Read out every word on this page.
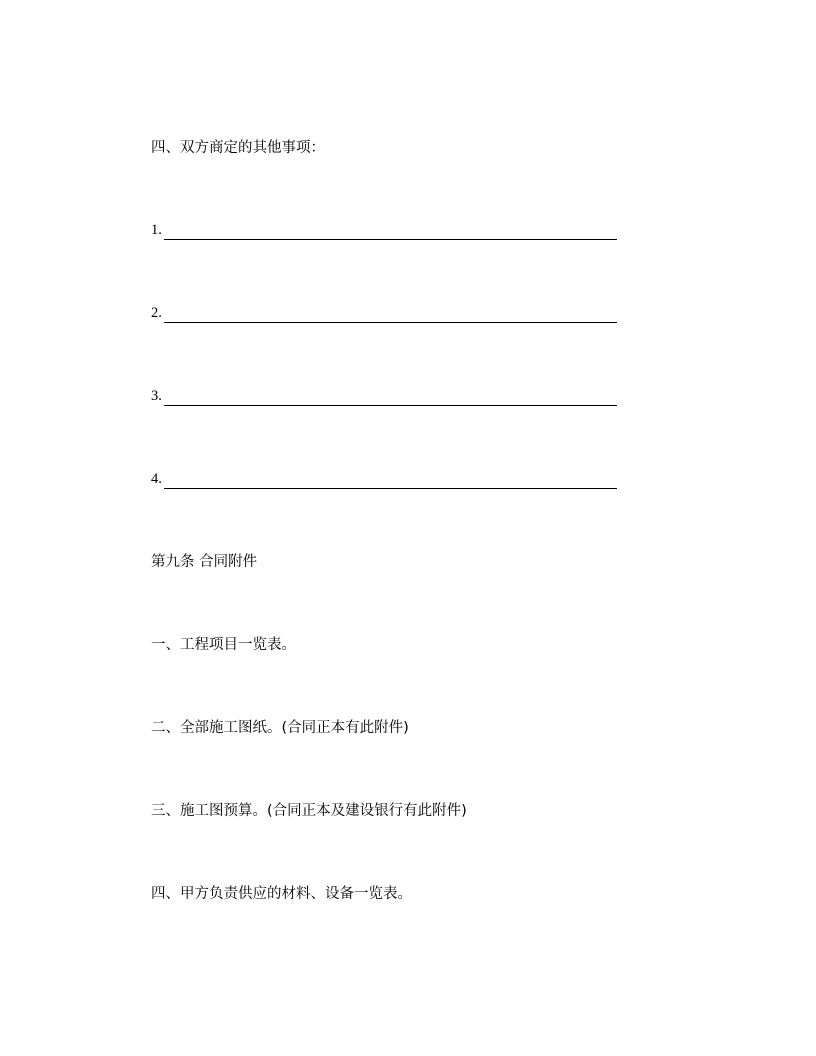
四、双方商定的其他事项：
1.
2.
3.
4.
第九条 合同附件
一、工程项目一览表。
二、全部施工图纸。(合同正本有此附件)
三、施工图预算。(合同正本及建设银行有此附件)
四、甲方负责供应的材料、设备一览表。
